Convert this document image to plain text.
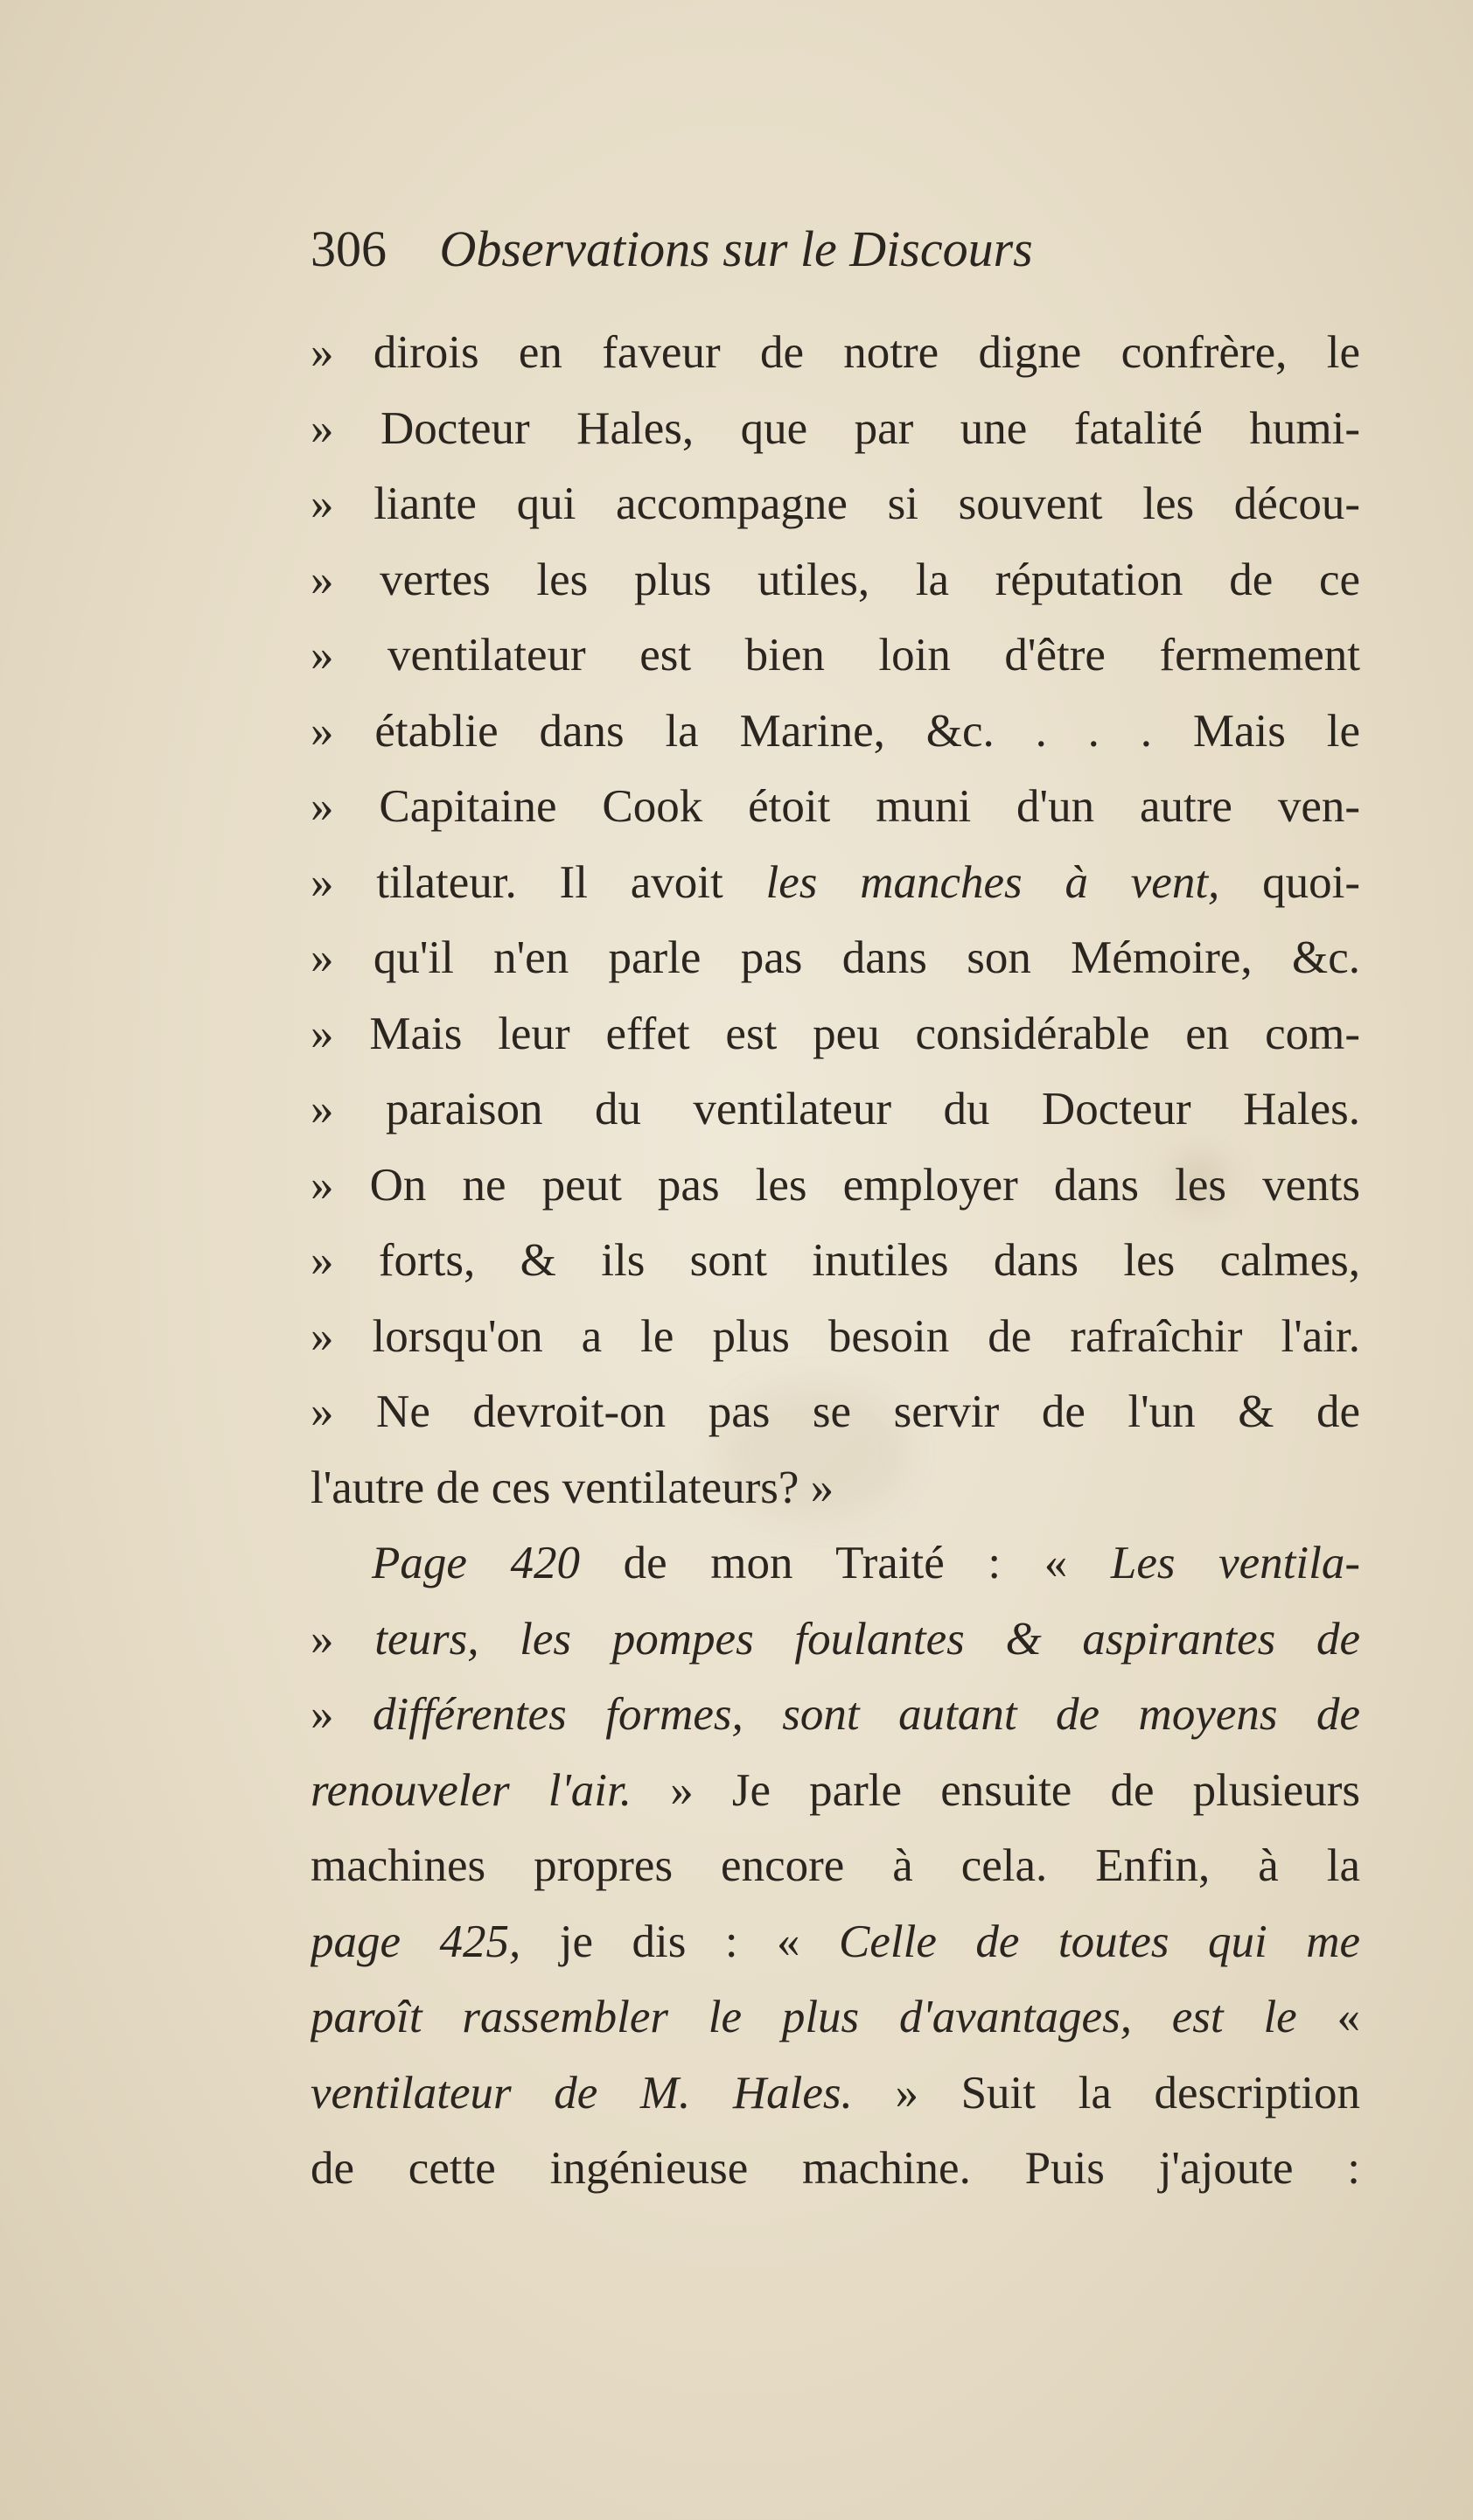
306 Observations sur le Discours
» dirois en faveur de notre digne confrère, le
» Docteur Hales, que par une fatalité humi-
» liante qui accompagne si souvent les décou-
» vertes les plus utiles, la réputation de ce
» ventilateur est bien loin d'être fermement
» établie dans la Marine, &c. . . . Mais le
» Capitaine Cook étoit muni d'un autre ven-
» tilateur. Il avoit les manches à vent, quoi-
» qu'il n'en parle pas dans son Mémoire, &c.
» Mais leur effet est peu considérable en com-
» paraison du ventilateur du Docteur Hales.
» On ne peut pas les employer dans les vents
» forts, & ils sont inutiles dans les calmes,
» lorsqu'on a le plus besoin de rafraîchir l'air.
» Ne devroit-on pas se servir de l'un & de
l'autre de ces ventilateurs? »
Page 420 de mon Traité : « Les ventila-
» teurs, les pompes foulantes & aspirantes de
» différentes formes, sont autant de moyens de
renouveler l'air. » Je parle ensuite de plusieurs
machines propres encore à cela. Enfin, à la
page 425, je dis : « Celle de toutes qui me
paroît rassembler le plus d'avantages, est le «
ventilateur de M. Hales. » Suit la description
de cette ingénieuse machine. Puis j'ajoute :
